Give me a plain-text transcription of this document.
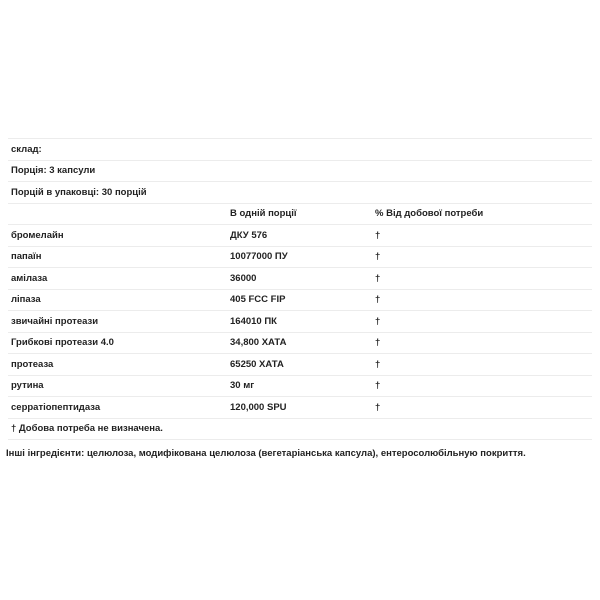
склад:		
Порція: 3 капсули		
Порцій в упаковці: 30 порцій		
	В одній порції	% Від добової потреби
бромелайн	ДКУ 576	†
папаїн	10077000 ПУ	†
амілаза	36000	†
ліпаза	405 FCC FIP	†
звичайні протеази	164010 ПК	†
Грибкові протеази 4.0	34,800 ХАТА	†
протеаза	65250 ХАТА	†
рутина	30 мг	†
серратіопептидаза	120,000 SPU	†
† Добова потреба не визначена.		
Інші інгредієнти: целюлоза, модифікована целюлоза (вегетаріанська капсула), ентеросолюбільную покриття.
